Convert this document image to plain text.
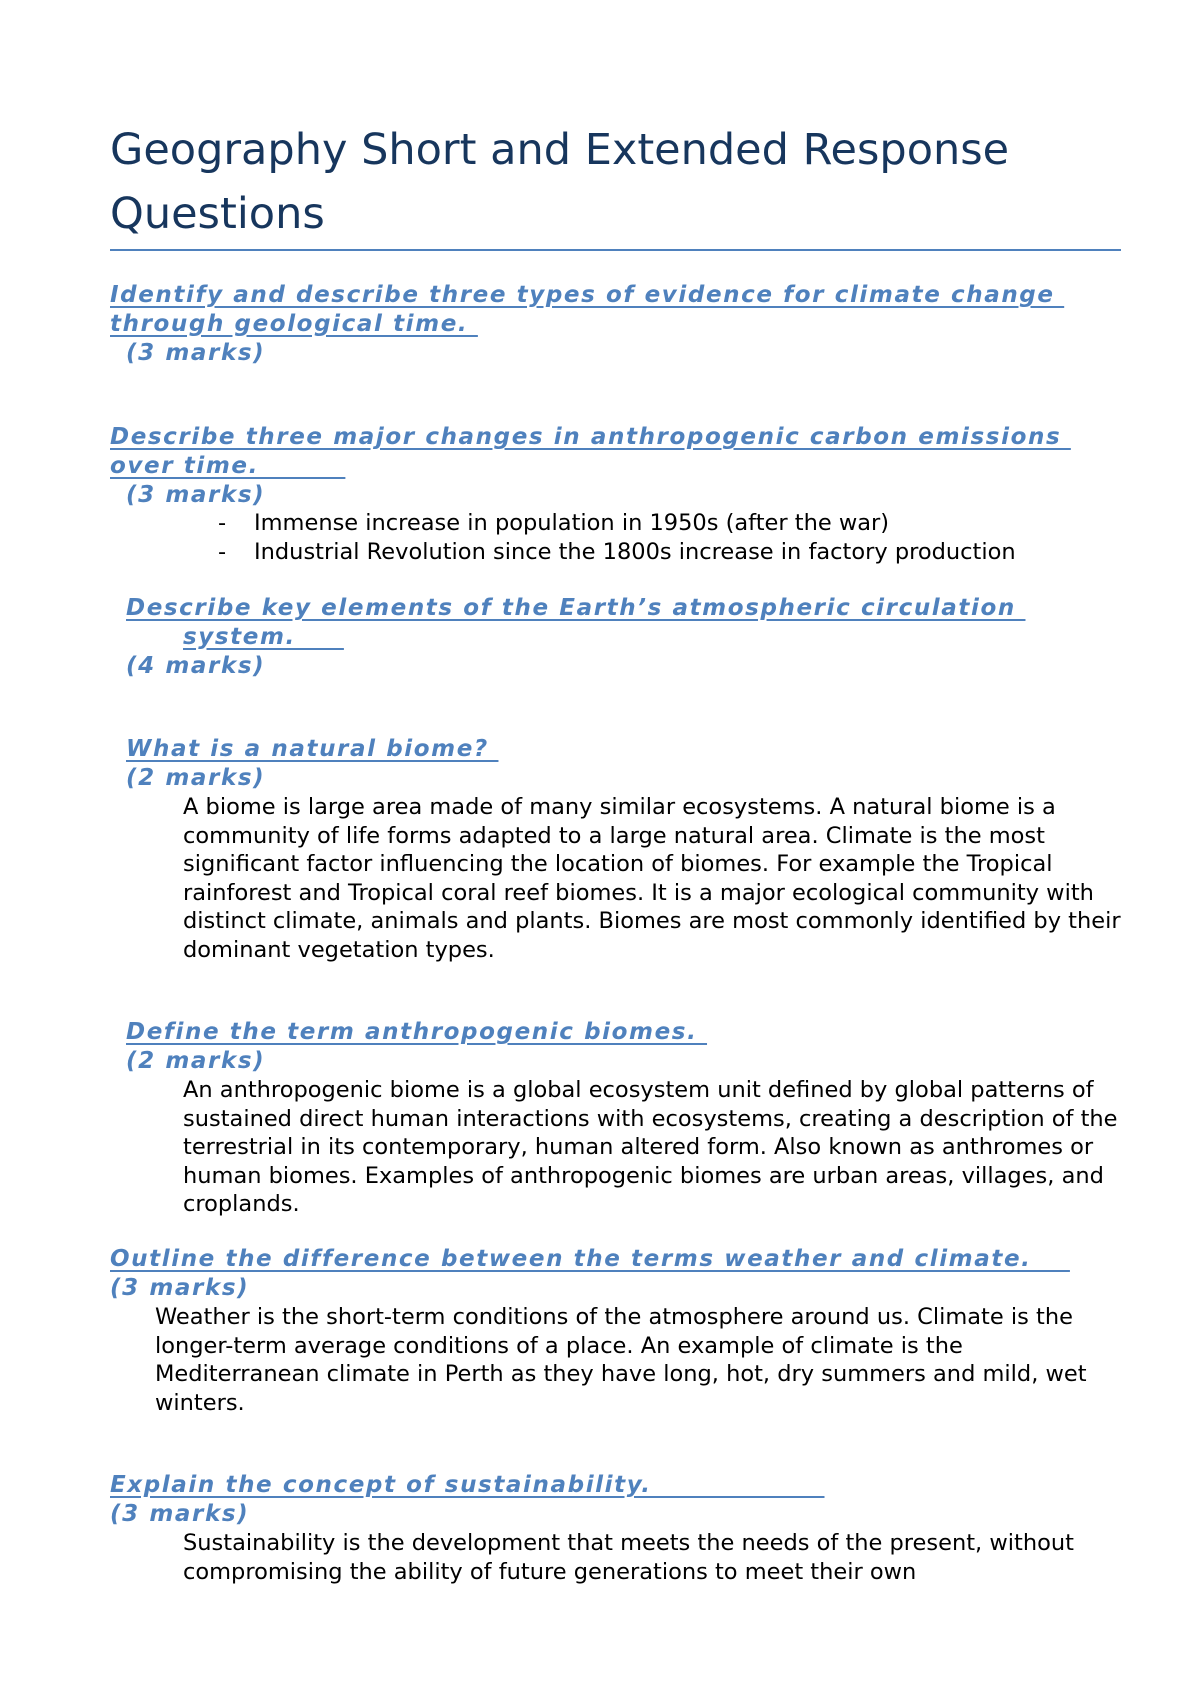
Geography Short and Extended Response Questions

Identify and describe three types of evidence for climate change
through geological time.

(3 marks)

Describe three major changes in anthropogenic carbon emissions
over time.

(3 marks)

- Immense increase in population in 1950s (after the war)
- Industrial Revolution since the 1800s increase in factory production

Describe key elements of the Earth’s atmospheric circulation
system.

(4 marks)

What is a natural biome?

(2 marks)

A biome is large area made of many similar ecosystems. A natural biome is a community of life forms adapted to a large natural area. Climate is the most significant factor influencing the location of biomes. For example the Tropical rainforest and Tropical coral reef biomes. It is a major ecological community with distinct climate, animals and plants. Biomes are most commonly identified by their dominant vegetation types.

Define the term anthropogenic biomes.

(2 marks)

An anthropogenic biome is a global ecosystem unit defined by global patterns of sustained direct human interactions with ecosystems, creating a description of the terrestrial in its contemporary, human altered form. Also known as anthromes or human biomes. Examples of anthropogenic biomes are urban areas, villages, and croplands.

Outline the difference between the terms weather and climate.

(3 marks)

Weather is the short-term conditions of the atmosphere around us. Climate is the longer-term average conditions of a place. An example of climate is the Mediterranean climate in Perth as they have long, hot, dry summers and mild, wet winters.

Explain the concept of sustainability.

(3 marks)

Sustainability is the development that meets the needs of the present, without compromising the ability of future generations to meet their own
